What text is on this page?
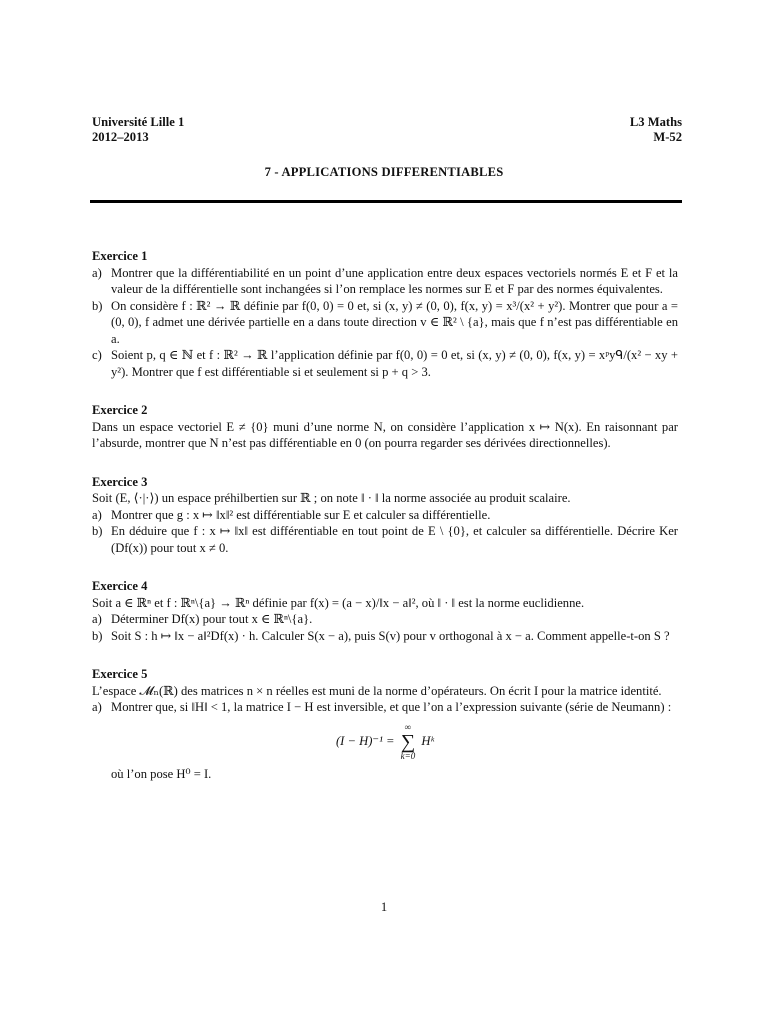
Université Lille 1
2012–2013
L3 Maths
M-52
7 - APPLICATIONS DIFFERENTIABLES
Exercice 1
a) Montrer que la différentiabilité en un point d’une application entre deux espaces vectoriels normés E et F et la valeur de la différentielle sont inchangées si l’on remplace les normes sur E et F par des normes équivalentes.
b) On considère f : ℝ² → ℝ définie par f(0, 0) = 0 et, si (x, y) ≠ (0, 0), f(x, y) = x³/(x² + y²). Montrer que pour a = (0, 0), f admet une dérivée partielle en a dans toute direction v ∈ ℝ² \ {a}, mais que f n’est pas différentiable en a.
c) Soient p, q ∈ ℕ et f : ℝ² → ℝ l’application définie par f(0, 0) = 0 et, si (x, y) ≠ (0, 0), f(x, y) = xᵖyᑫ/(x² − xy + y²). Montrer que f est différentiable si et seulement si p + q > 3.
Exercice 2

Dans un espace vectoriel E ≠ {0} muni d’une norme N, on considère l’application x ↦ N(x). En raisonnant par l’absurde, montrer que N n’est pas différentiable en 0 (on pourra regarder ses dérivées directionnelles).

Exercice 3

Soit (E, ⟨·|·⟩) un espace préhilbertien sur ℝ ; on note ‖ · ‖ la norme associée au produit scalaire.

a) Montrer que g : x ↦ ‖x‖² est différentiable sur E et calculer sa différentielle.
b) En déduire que f : x ↦ ‖x‖ est différentiable en tout point de E \ {0}, et calculer sa différentielle. Décrire Ker (Df(x)) pour tout x ≠ 0.
Exercice 4

Soit a ∈ ℝⁿ et f : ℝⁿ\{a} → ℝⁿ définie par f(x) = (a − x)/‖x − a‖², où ‖ · ‖ est la norme euclidienne.

a) Déterminer Df(x) pour tout x ∈ ℝⁿ\{a}.
b) Soit S : h ↦ ‖x − a‖²Df(x) · h. Calculer S(x − a), puis S(v) pour v orthogonal à x − a. Comment appelle-t-on S ?
Exercice 5

L’espace 𝓜ₙ(ℝ) des matrices n × n réelles est muni de la norme d’opérateurs. On écrit I pour la matrice identité.

a) Montrer que, si ‖H‖ < 1, la matrice I − H est inversible, et que l’on a l’expression suivante (série de Neumann) :
(I − H)⁻¹ =
∞
∑
k=0
Hᵏ
où l’on pose H⁰ = I.
1
